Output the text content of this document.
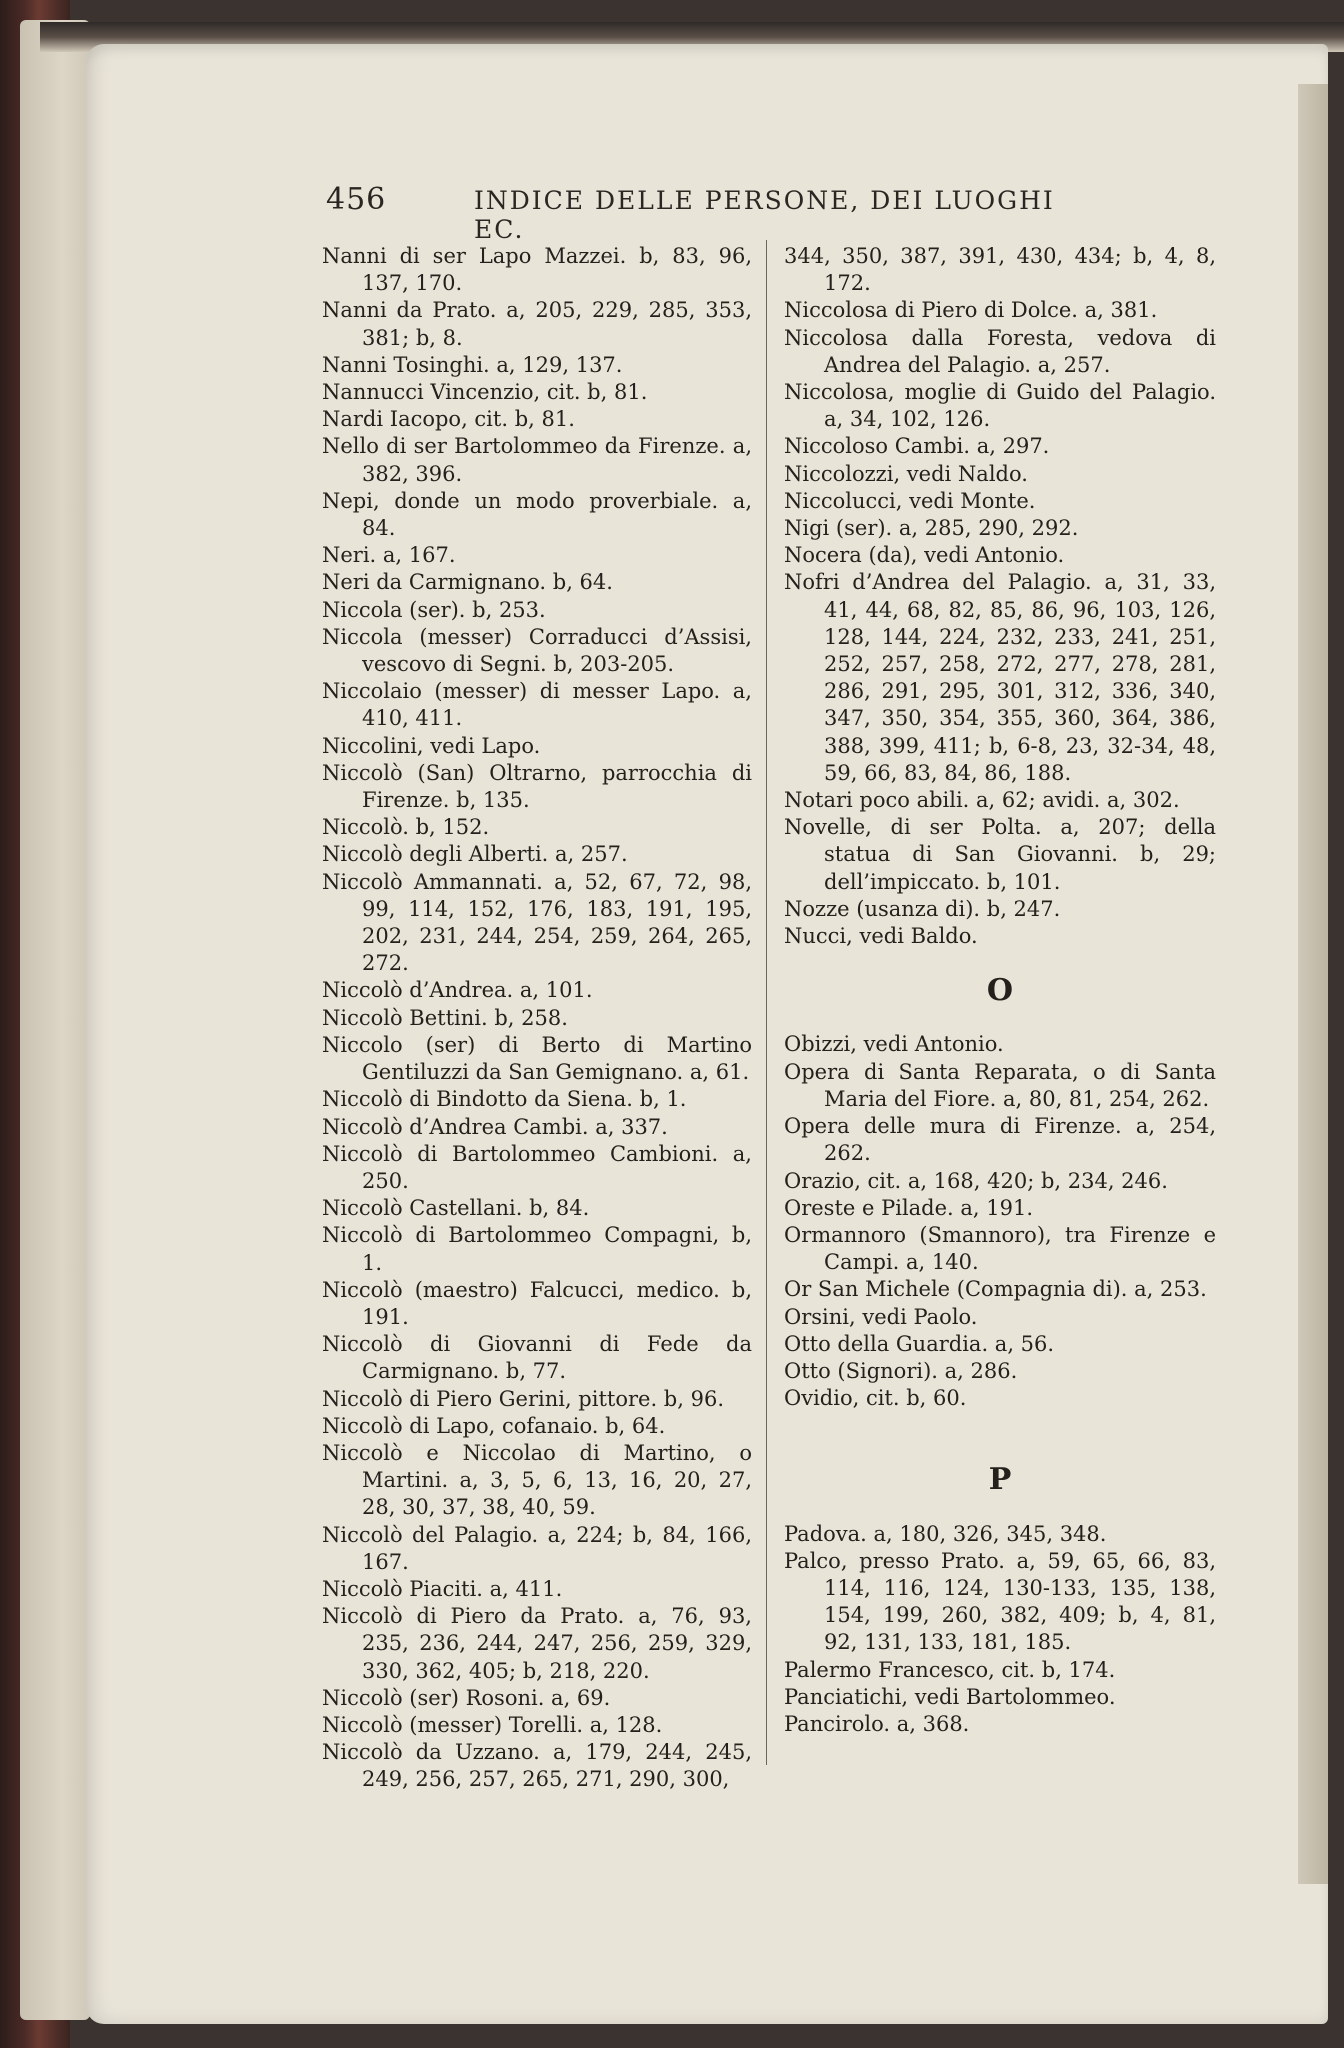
456	INDICE DELLE PERSONE, DEI LUOGHI EC.

Nanni di ser Lapo Mazzei. b, 83, 96, 137, 170.

Nanni da Prato. a, 205, 229, 285, 353, 381; b, 8.

Nanni Tosinghi. a, 129, 137.

Nannucci Vincenzio, cit. b, 81.

Nardi Iacopo, cit. b, 81.

Nello di ser Bartolommeo da Firenze. a, 382, 396.

Nepi, donde un modo proverbiale. a, 84.

Neri. a, 167.

Neri da Carmignano. b, 64.

Niccola (ser). b, 253.

Niccola (messer) Corraducci d’Assisi, vescovo di Segni. b, 203-205.

Niccolaio (messer) di messer Lapo. a, 410, 411.

Niccolini, vedi Lapo.

Niccolò (San) Oltrarno, parrocchia di Firenze. b, 135.

Niccolò. b, 152.

Niccolò degli Alberti. a, 257.

Niccolò Ammannati. a, 52, 67, 72, 98, 99, 114, 152, 176, 183, 191, 195, 202, 231, 244, 254, 259, 264, 265, 272.

Niccolò d’Andrea. a, 101.

Niccolò Bettini. b, 258.

Niccolo (ser) di Berto di Martino Gentiluzzi da San Gemignano. a, 61.

Niccolò di Bindotto da Siena. b, 1.

Niccolò d’Andrea Cambi. a, 337.

Niccolò di Bartolommeo Cambioni. a, 250.

Niccolò Castellani. b, 84.

Niccolò di Bartolommeo Compagni, b, 1.

Niccolò (maestro) Falcucci, medico. b, 191.

Niccolò di Giovanni di Fede da Carmignano. b, 77.

Niccolò di Piero Gerini, pittore. b, 96.

Niccolò di Lapo, cofanaio. b, 64.

Niccolò e Niccolao di Martino, o Martini. a, 3, 5, 6, 13, 16, 20, 27, 28, 30, 37, 38, 40, 59.

Niccolò del Palagio. a, 224; b, 84, 166, 167.

Niccolò Piaciti. a, 411.

Niccolò di Piero da Prato. a, 76, 93, 235, 236, 244, 247, 256, 259, 329, 330, 362, 405; b, 218, 220.

Niccolò (ser) Rosoni. a, 69.

Niccolò (messer) Torelli. a, 128.

Niccolò da Uzzano. a, 179, 244, 245, 249, 256, 257, 265, 271, 290, 300,

344, 350, 387, 391, 430, 434; b, 4, 8, 172.

Niccolosa di Piero di Dolce. a, 381.

Niccolosa dalla Foresta, vedova di Andrea del Palagio. a, 257.

Niccolosa, moglie di Guido del Palagio. a, 34, 102, 126.

Niccoloso Cambi. a, 297.

Niccolozzi, vedi Naldo.

Niccolucci, vedi Monte.

Nigi (ser). a, 285, 290, 292.

Nocera (da), vedi Antonio.

Nofri d’Andrea del Palagio. a, 31, 33, 41, 44, 68, 82, 85, 86, 96, 103, 126, 128, 144, 224, 232, 233, 241, 251, 252, 257, 258, 272, 277, 278, 281, 286, 291, 295, 301, 312, 336, 340, 347, 350, 354, 355, 360, 364, 386, 388, 399, 411; b, 6-8, 23, 32-34, 48, 59, 66, 83, 84, 86, 188.

Notari poco abili. a, 62; avidi. a, 302.

Novelle, di ser Polta. a, 207; della statua di San Giovanni. b, 29; dell’impiccato. b, 101.

Nozze (usanza di). b, 247.

Nucci, vedi Baldo.

O

Obizzi, vedi Antonio.

Opera di Santa Reparata, o di Santa Maria del Fiore. a, 80, 81, 254, 262.

Opera delle mura di Firenze. a, 254, 262.

Orazio, cit. a, 168, 420; b, 234, 246.

Oreste e Pilade. a, 191.

Ormannoro (Smannoro), tra Firenze e Campi. a, 140.

Or San Michele (Compagnia di). a, 253.

Orsini, vedi Paolo.

Otto della Guardia. a, 56.

Otto (Signori). a, 286.

Ovidio, cit. b, 60.

P

Padova. a, 180, 326, 345, 348.

Palco, presso Prato. a, 59, 65, 66, 83, 114, 116, 124, 130-133, 135, 138, 154, 199, 260, 382, 409; b, 4, 81, 92, 131, 133, 181, 185.

Palermo Francesco, cit. b, 174.

Panciatichi, vedi Bartolommeo.

Pancirolo. a, 368.
